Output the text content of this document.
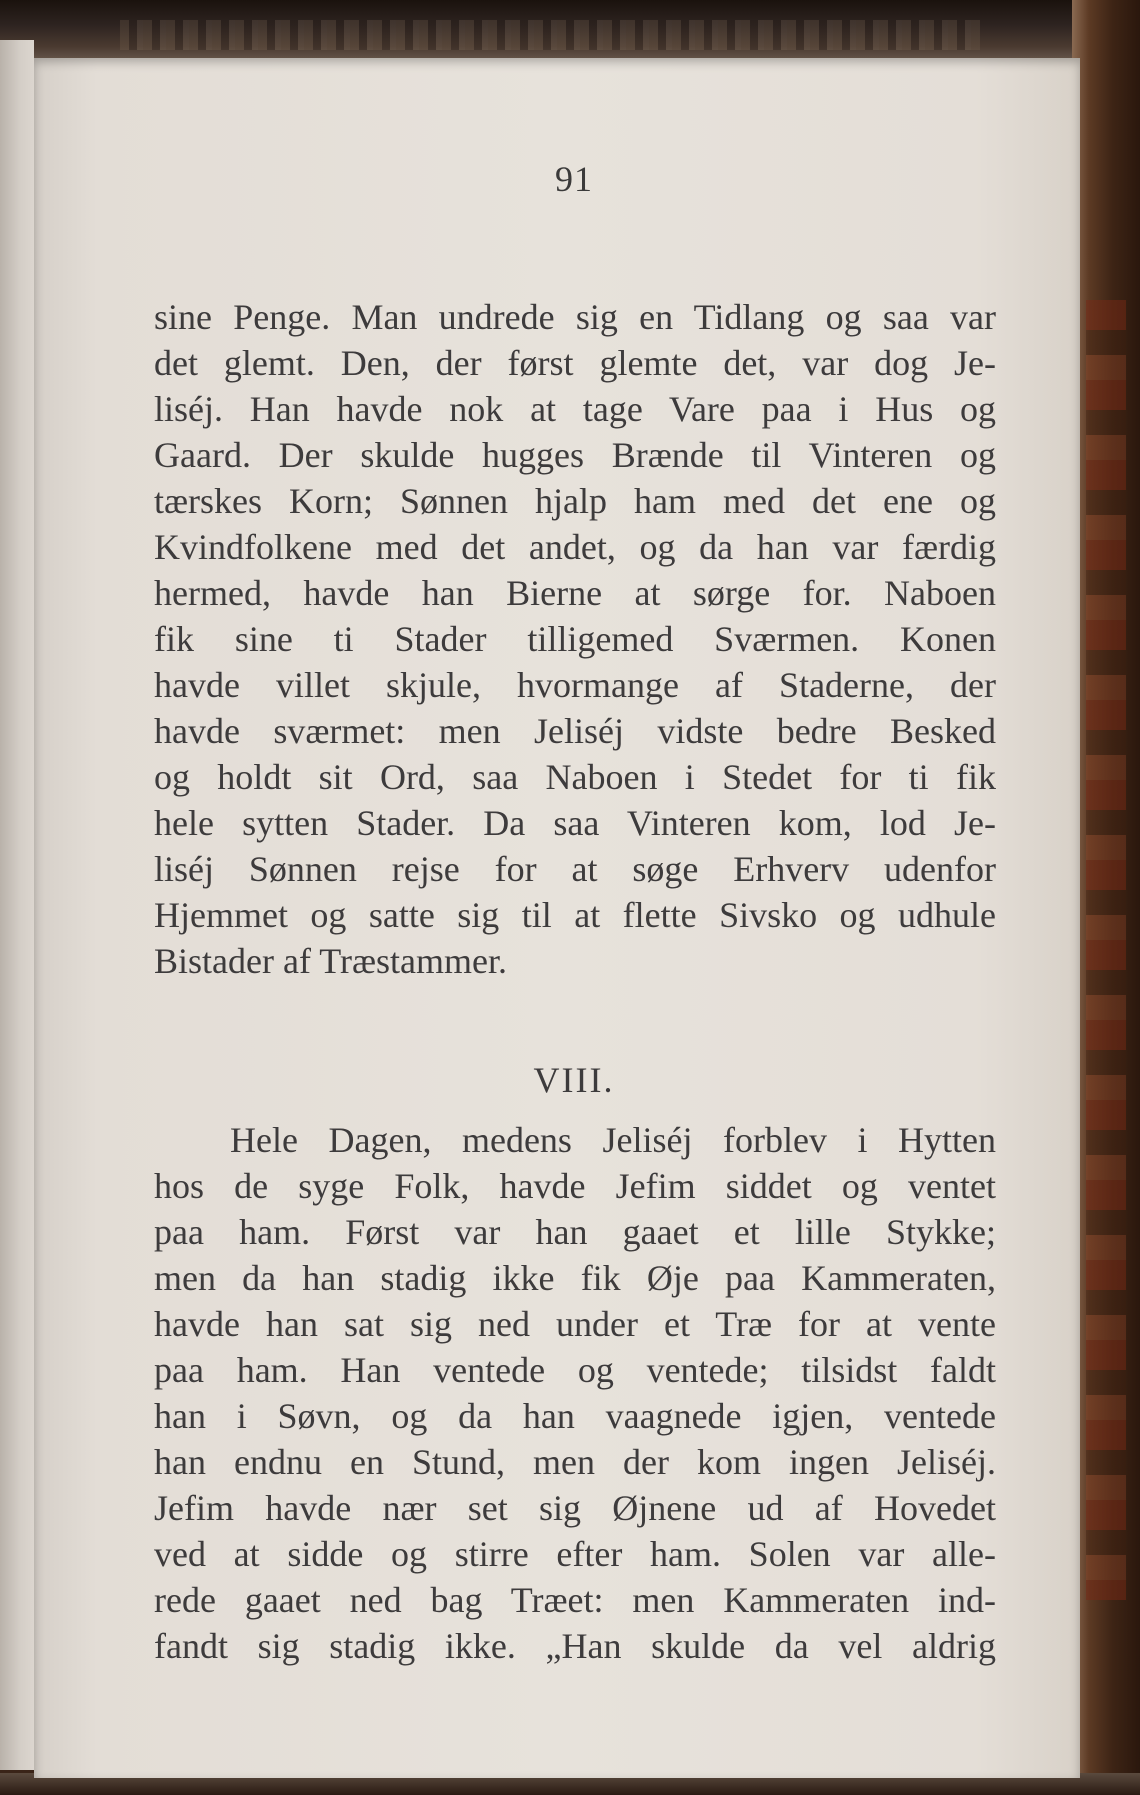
91
sine Penge. Man undrede sig en Tidlang og saa var
det glemt. Den, der først glemte det, var dog Je-
liséj. Han havde nok at tage Vare paa i Hus og
Gaard. Der skulde hugges Brænde til Vinteren og
tærskes Korn; Sønnen hjalp ham med det ene og
Kvindfolkene med det andet, og da han var færdig
hermed, havde han Bierne at sørge for. Naboen
fik sine ti Stader tilligemed Sværmen. Konen
havde villet skjule, hvormange af Staderne, der
havde sværmet: men Jeliséj vidste bedre Besked
og holdt sit Ord, saa Naboen i Stedet for ti fik
hele sytten Stader. Da saa Vinteren kom, lod Je-
liséj Sønnen rejse for at søge Erhverv udenfor
Hjemmet og satte sig til at flette Sivsko og udhule
Bistader af Træstammer.
VIII.
Hele Dagen, medens Jeliséj forblev i Hytten
hos de syge Folk, havde Jefim siddet og ventet
paa ham. Først var han gaaet et lille Stykke;
men da han stadig ikke fik Øje paa Kammeraten,
havde han sat sig ned under et Træ for at vente
paa ham. Han ventede og ventede; tilsidst faldt
han i Søvn, og da han vaagnede igjen, ventede
han endnu en Stund, men der kom ingen Jeliséj.
Jefim havde nær set sig Øjnene ud af Hovedet
ved at sidde og stirre efter ham. Solen var alle-
rede gaaet ned bag Træet: men Kammeraten ind-
fandt sig stadig ikke. „Han skulde da vel aldrig
